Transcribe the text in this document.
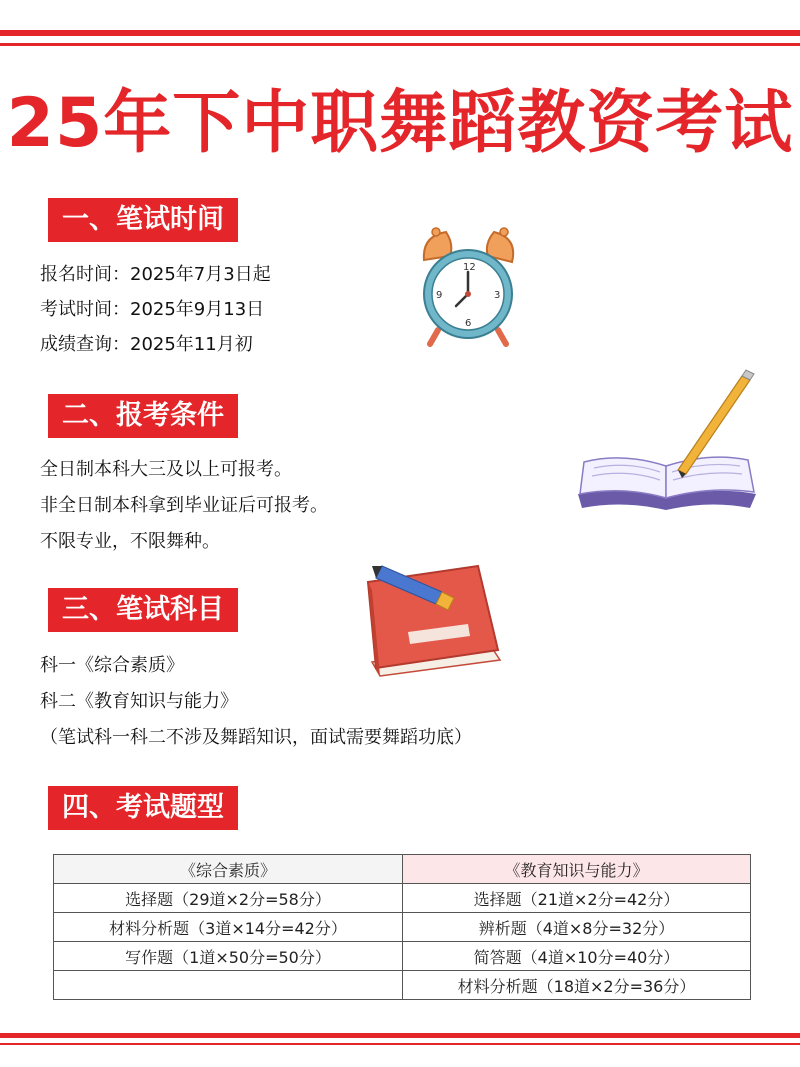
25年下中职舞蹈教资考试
一、笔试时间
报名时间：2025年7月3日起
考试时间：2025年9月13日
成绩查询：2025年11月初
12
3
6
9
二、报考条件
全日制本科大三及以上可报考。
非全日制本科拿到毕业证后可报考。
不限专业，不限舞种。
三、笔试科目
科一《综合素质》
科二《教育知识与能力》
（笔试科一科二不涉及舞蹈知识，面试需要舞蹈功底）
四、考试题型
《综合素质》	《教育知识与能力》
选择题（29道×2分=58分）	选择题（21道×2分=42分）
材料分析题（3道×14分=42分）	辨析题（4道×8分=32分）
写作题（1道×50分=50分）	简答题（4道×10分=40分）
	材料分析题（18道×2分=36分）
